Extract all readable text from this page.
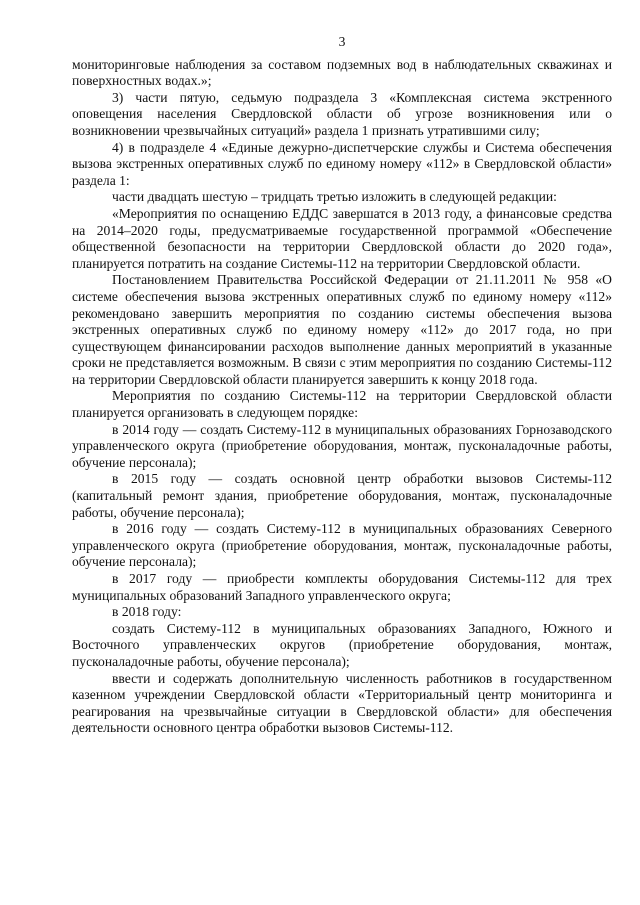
3

мониторинговые наблюдения за составом подземных вод в наблюдательных скважинах и поверхностных водах.»;

3) части пятую, седьмую подраздела 3 «Комплексная система экстренного оповещения населения Свердловской области об угрозе возникновения или о возникновении чрезвычайных ситуаций» раздела 1 признать утратившими силу;

4) в подразделе 4 «Единые дежурно-диспетчерские службы и Система обеспечения вызова экстренных оперативных служб по единому номеру «112» в Свердловской области» раздела 1:

части двадцать шестую – тридцать третью изложить в следующей редакции:

«Мероприятия по оснащению ЕДДС завершатся в 2013 году, а финансовые средства на 2014–2020 годы, предусматриваемые государственной программой «Обеспечение общественной безопасности на территории Свердловской области до 2020 года», планируется потратить на создание Системы-112 на территории Свердловской области.

Постановлением Правительства Российской Федерации от 21.11.2011 № 958 «О системе обеспечения вызова экстренных оперативных служб по единому номеру «112» рекомендовано завершить мероприятия по созданию системы обеспечения вызова экстренных оперативных служб по единому номеру «112» до 2017 года, но при существующем финансировании расходов выполнение данных мероприятий в указанные сроки не представляется возможным. В связи с этим мероприятия по созданию Системы-112 на территории Свердловской области планируется завершить к концу 2018 года.

Мероприятия по созданию Системы-112 на территории Свердловской области планируется организовать в следующем порядке:

в 2014 году — создать Систему-112 в муниципальных образованиях Горнозаводского управленческого округа (приобретение оборудования, монтаж, пусконаладочные работы, обучение персонала);

в 2015 году — создать основной центр обработки вызовов Системы-112 (капитальный ремонт здания, приобретение оборудования, монтаж, пусконаладочные работы, обучение персонала);

в 2016 году — создать Систему-112 в муниципальных образованиях Северного управленческого округа (приобретение оборудования, монтаж, пусконаладочные работы, обучение персонала);

в 2017 году — приобрести комплекты оборудования Системы-112 для трех муниципальных образований Западного управленческого округа;

в 2018 году:

создать Систему-112 в муниципальных образованиях Западного, Южного и Восточного управленческих округов (приобретение оборудования, монтаж, пусконаладочные работы, обучение персонала);

ввести и содержать дополнительную численность работников в государственном казенном учреждении Свердловской области «Территориальный центр мониторинга и реагирования на чрезвычайные ситуации в Свердловской области» для обеспечения деятельности основного центра обработки вызовов Системы-112.
